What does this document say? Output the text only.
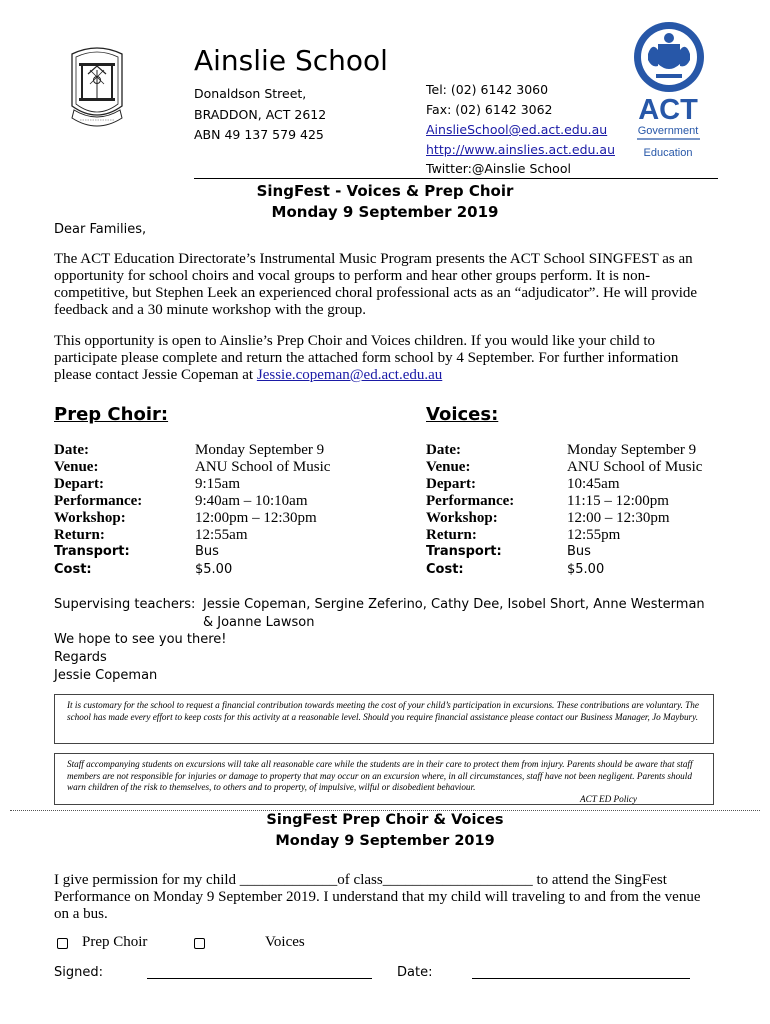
Ainslie School
Donaldson Street,
BRADDON, ACT 2612
ABN 49 137 579 425
Tel: (02) 6142 3060
Fax: (02) 6142 3062
AinslieSchool@ed.act.edu.au
http://www.ainslies.act.edu.au
Twitter:@Ainslie School
ACT
Government
Education
SingFest - Voices & Prep Choir
Monday 9 September 2019
Dear Families,
The ACT Education Directorate’s Instrumental Music Program presents the ACT School SINGFEST as an opportunity for school choirs and vocal groups to perform and hear other groups perform. It is non-competitive, but Stephen Leek an experienced choral professional acts as an “adjudicator”. He will provide feedback and a 30 minute workshop with the group.
This opportunity is open to Ainslie’s Prep Choir and Voices children. If you would like your child to participate please complete and return the attached form school by 4 September. For further information please contact Jessie Copeman at Jessie.copeman@ed.act.edu.au
Prep Choir:	Voices:
Date:	Monday September 9
Venue:	ANU School of Music
Depart:	9:15am
Performance:	9:40am – 10:10am
Workshop:	12:00pm – 12:30pm
Return:	12:55am
Transport:	Bus
Cost:	$5.00
Date:	Monday September 9
Venue:	ANU School of Music
Depart:	10:45am
Performance:	11:15 – 12:00pm
Workshop:	12:00 – 12:30pm
Return:	12:55pm
Transport:	Bus
Cost:	$5.00
Supervising teachers: Jessie Copeman, Sergine Zeferino, Cathy Dee, Isobel Short, Anne Westerman & Joanne Lawson
We hope to see you there!
Regards
Jessie Copeman
It is customary for the school to request a financial contribution towards meeting the cost of your child’s participation in excursions. These contributions are voluntary. The school has made every effort to keep costs for this activity at a reasonable level. Should you require financial assistance please contact our Business Manager, Jo Maybury.
Staff accompanying students on excursions will take all reasonable care while the students are in their care to protect them from injury. Parents should be aware that staff members are not responsible for injuries or damage to property that may occur on an excursion where, in all circumstances, staff have not been negligent. Parents should warn children of the risk to themselves, to others and to property, of impulsive, wilful or disobedient behaviour.
ACT ED Policy
SingFest Prep Choir & Voices
Monday 9 September 2019
I give permission for my child _____________of class____________________ to attend the SingFest Performance on Monday 9 September 2019. I understand that my child will traveling to and from the venue on a bus.
Prep Choir	Voices
Signed:	Date:
